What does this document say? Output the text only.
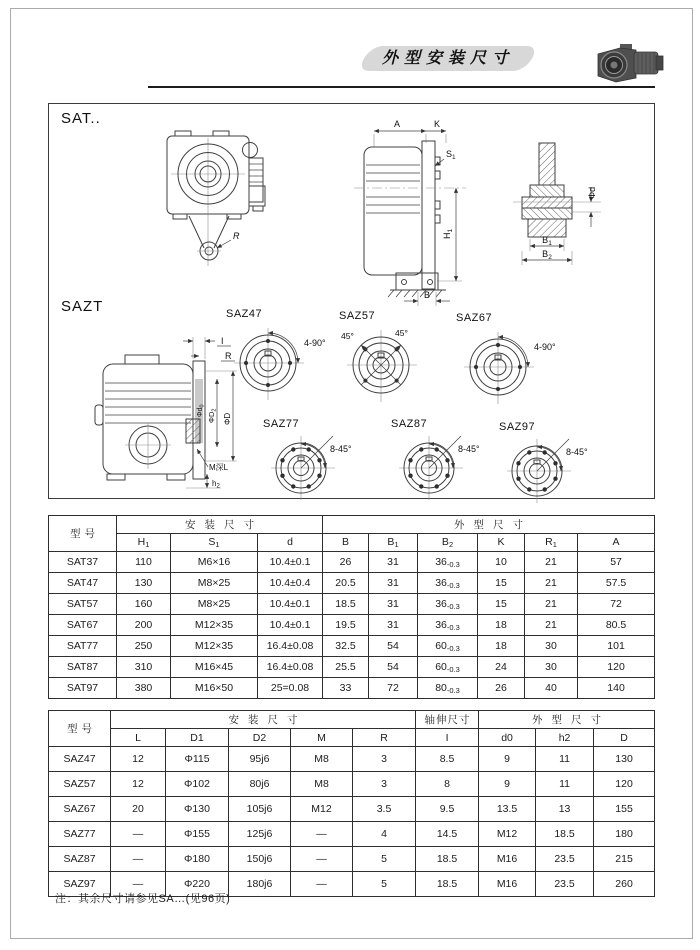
外型安装尺寸
SAT..
SAZT
R
A	K
$S_1$
$H_1$
B
Φd
$B_1$
$B_2$
I
R
$\Phi d_0$
$\Phi D_2$
ΦD
M深L
h2
SAZ47
4-90°
SAZ57
45°	45°
SAZ67
4-90°
SAZ77
8-45°
SAZ87
8-45°
SAZ97
8-45°
型号	安装尺寸			外型尺寸					
	H1	S1	d	B	B1	B2	K	R1	A
SAT37	110	M6×16	10.4±0.1	26	31	36-0.3	10	21	57
SAT47	130	M8×25	10.4±0.4	20.5	31	36-0.3	15	21	57.5
SAT57	160	M8×25	10.4±0.1	18.5	31	36-0.3	15	21	72
SAT67	200	M12×35	10.4±0.1	19.5	31	36-0.3	18	21	80.5
SAT77	250	M12×35	16.4±0.08	32.5	54	60-0.3	18	30	101
SAT87	310	M16×45	16.4±0.08	25.5	54	60-0.3	24	30	120
SAT97	380	M16×50	25=0.08	33	72	80-0.3	26	40	140
型号	安装尺寸					轴伸尺寸	外型尺寸		
	L	D1	D2	M	R	I	d0	h2	D
SAZ47	12	Φ115	95j6	M8	3	8.5	9	11	130
SAZ57	12	Φ102	80j6	M8	3	8	9	11	120
SAZ67	20	Φ130	105j6	M12	3.5	9.5	13.5	13	155
SAZ77	—	Φ155	125j6	—	4	14.5	M12	18.5	180
SAZ87	—	Φ180	150j6	—	5	18.5	M16	23.5	215
SAZ97	—	Φ220	180j6	—	5	18.5	M16	23.5	260
注：其余尺寸请参见SA…(见96页)
